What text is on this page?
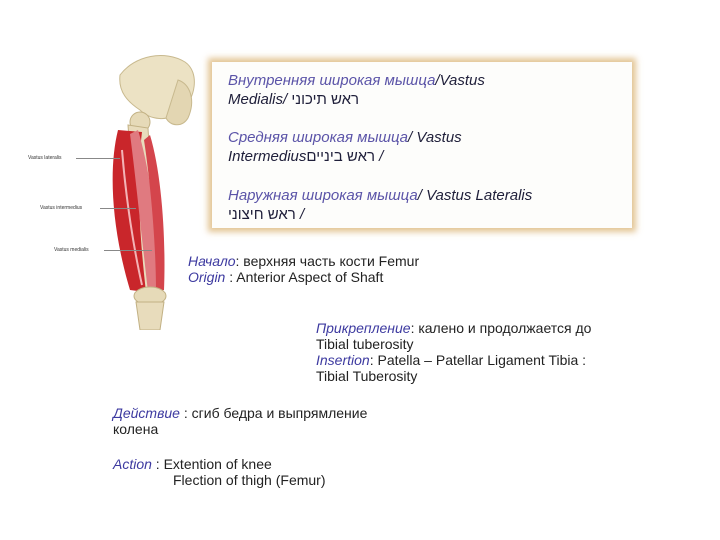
Vastus lateralis
Vastus intermedius
Vastus medialis
Внутренняя широкая мышца/Vastus
Medialis/ ראש תיכוני
Средняя широкая мышца/ Vastus
Intermediusראש ביניים /
Наружная широкая мышца/ Vastus Lateralis
ראש חיצוני /
Начало: верхняя часть кости Femur
Origin : Anterior Aspect of Shaft
Прикрепление: калено и продолжается до
Tibial tuberosity
Insertion: Patella – Patellar Ligament Tibia :
Tibial Tuberosity
Действие : сгиб бедра и выпрямление
колена
Action : Extention of knee
Flection of thigh (Femur)
